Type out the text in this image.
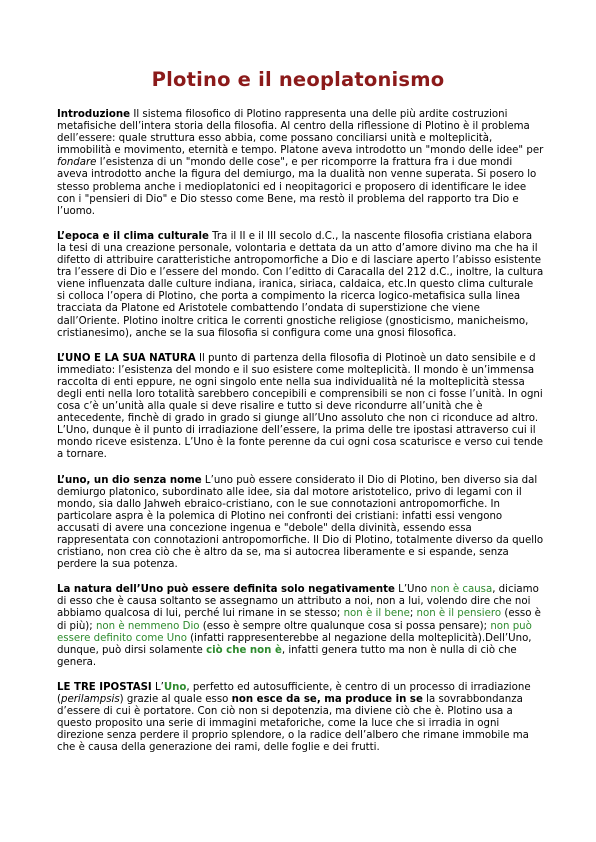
Plotino e il neoplatonismo

Introduzione Il sistema filosofico di Plotino rappresenta una delle più ardite costruzioni metafisiche dell’intera storia della filosofia. Al centro della riflessione di Plotino è il problema dell’essere: quale struttura esso abbia, come possano conciliarsi unità e molteplicità, immobilità e movimento, eternità e tempo. Platone aveva introdotto un "mondo delle idee" per fondare l’esistenza di un "mondo delle cose", e per ricomporre la frattura fra i due mondi aveva introdotto anche la figura del demiurgo, ma la dualità non venne superata. Si posero lo stesso problema anche i medioplatonici ed i neopitagorici e proposero di identificare le idee con i "pensieri di Dio" e Dio stesso come Bene, ma restò il problema del rapporto tra Dio e l’uomo.

L’epoca e il clima culturale Tra il II e il III secolo d.C., la nascente filosofia cristiana elabora la tesi di una creazione personale, volontaria e dettata da un atto d’amore divino ma che ha il difetto di attribuire caratteristiche antropomorfiche a Dio e di lasciare aperto l’abisso esistente tra l’essere di Dio e l’essere del mondo. Con l’editto di Caracalla del 212 d.C., inoltre, la cultura viene influenzata dalle culture indiana, iranica, siriaca, caldaica, etc.In questo clima culturale si colloca l’opera di Plotino, che porta a compimento la ricerca logico-metafisica sulla linea tracciata da Platone ed Aristotele combattendo l’ondata di superstizione che viene dall’Oriente. Plotino inoltre critica le correnti gnostiche religiose (gnosticismo, manicheismo, cristianesimo), anche se la sua filosofia si configura come una gnosi filosofica.

L’UNO E LA SUA NATURA Il punto di partenza della filosofia di Plotinoè un dato sensibile e d immediato: l’esistenza del mondo e il suo esistere come molteplicità. Il mondo è un’immensa raccolta di enti eppure, ne ogni singolo ente nella sua individualità né la molteplicità stessa degli enti nella loro totalità sarebbero concepibili e comprensibili se non ci fosse l’unità. In ogni cosa c’è un’unità alla quale si deve risalire e tutto si deve ricondurre all’unità che è antecedente, finchè di grado in grado si giunge all’Uno assoluto che non ci riconduce ad altro. L’Uno, dunque è il punto di irradiazione dell’essere, la prima delle tre ipostasi attraverso cui il mondo riceve esistenza. L’Uno è la fonte perenne da cui ogni cosa scaturisce e verso cui tende a tornare.

L’uno, un dio senza nome L’uno può essere considerato il Dio di Plotino, ben diverso sia dal demiurgo platonico, subordinato alle idee, sia dal motore aristotelico, privo di legami con il mondo, sia dallo Jahweh ebraico-cristiano, con le sue connotazioni antropomorfiche. In particolare aspra è la polemica di Plotino nei confronti dei cristiani: infatti essi vengono accusati di avere una concezione ingenua e "debole" della divinità, essendo essa rappresentata con connotazioni antropomorfiche. Il Dio di Plotino, totalmente diverso da quello cristiano, non crea ciò che è altro da se, ma si autocrea liberamente e si espande, senza perdere la sua potenza.

La natura dell’Uno può essere definita solo negativamente L’Uno non è causa, diciamo di esso che è causa soltanto se assegnamo un attributo a noi, non a lui, volendo dire che noi abbiamo qualcosa di lui, perché lui rimane in se stesso; non è il bene; non è il pensiero (esso è di più); non è nemmeno Dio (esso è sempre oltre qualunque cosa si possa pensare); non può essere definito come Uno (infatti rappresenterebbe al negazione della molteplicità).Dell’Uno, dunque, può dirsi solamente ciò che non è, infatti genera tutto ma non è nulla di ciò che genera.

LE TRE IPOSTASI L’Uno, perfetto ed autosufficiente, è centro di un processo di irradiazione (perilampsis) grazie al quale esso non esce da se, ma produce in se la sovrabbondanza d’essere di cui è portatore. Con ciò non si depotenzia, ma diviene ciò che è. Plotino usa a questo proposito una serie di immagini metaforiche, come la luce che si irradia in ogni direzione senza perdere il proprio splendore, o la radice dell’albero che rimane immobile ma che è causa della generazione dei rami, delle foglie e dei frutti.
